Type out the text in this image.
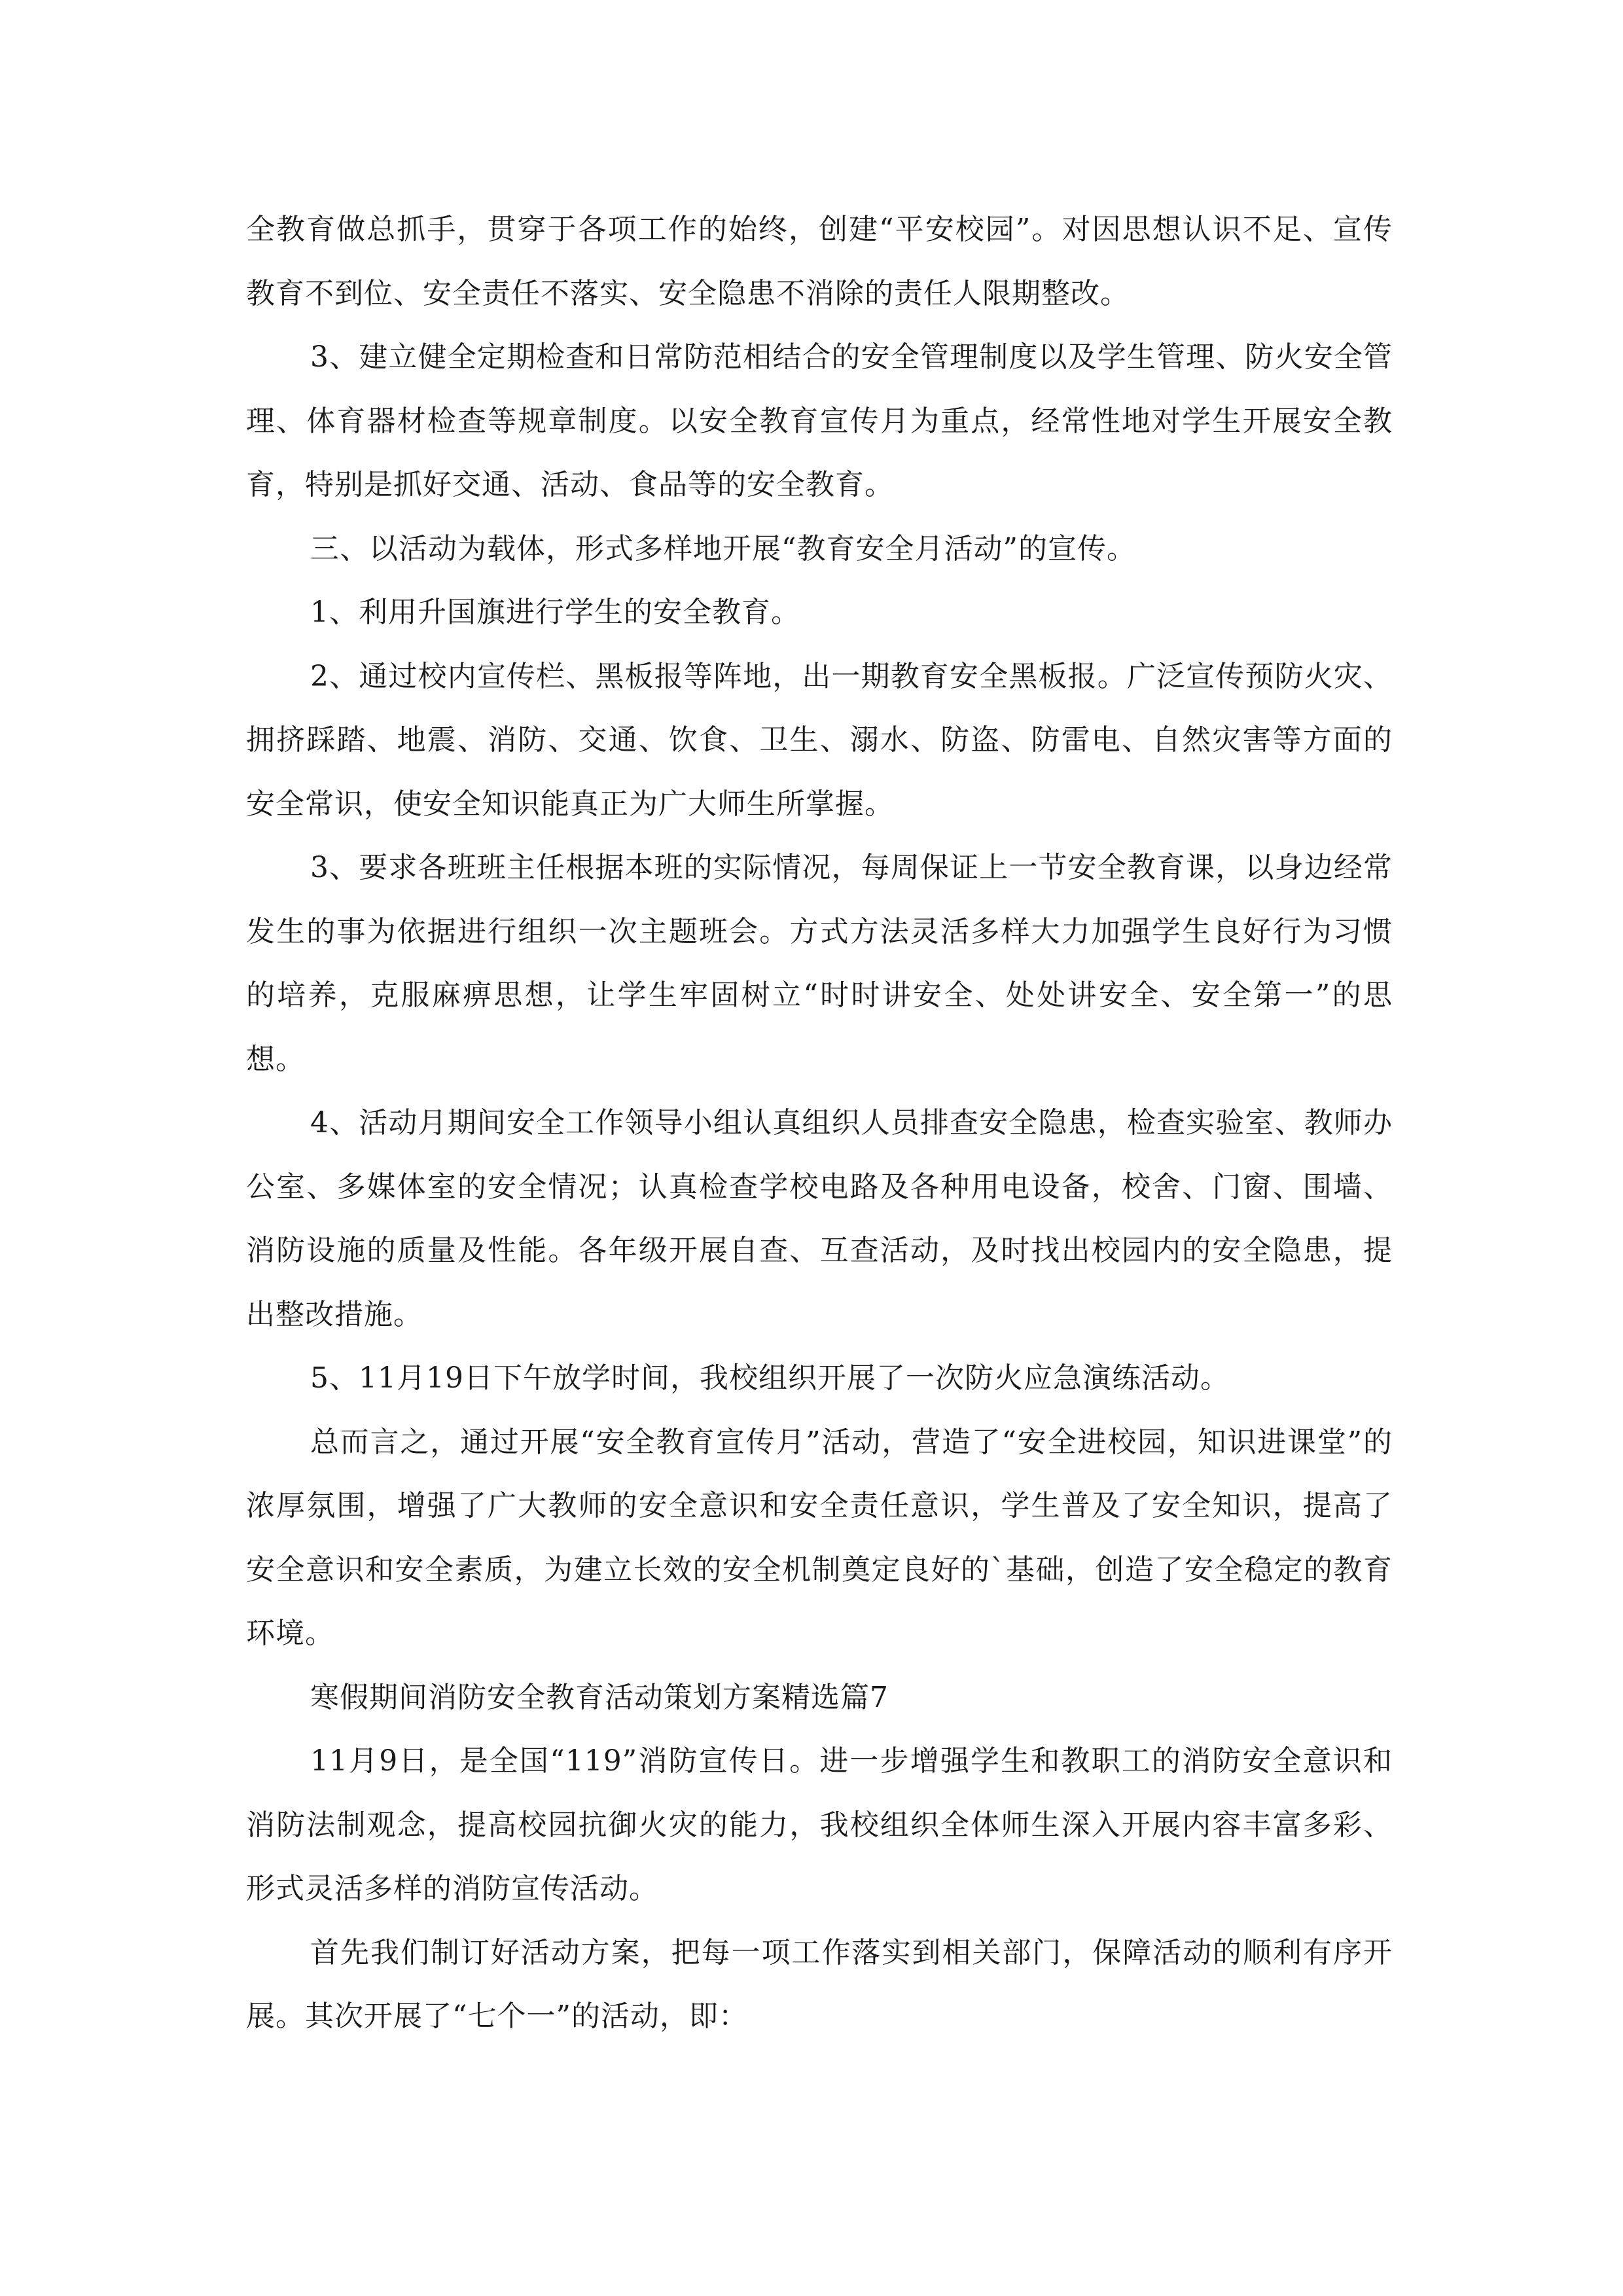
全教育做总抓手，贯穿于各项工作的始终，创建“平安校园”。对因思想认识不足、宣传教育不到位、安全责任不落实、安全隐患不消除的责任人限期整改。

3、建立健全定期检查和日常防范相结合的安全管理制度以及学生管理、防火安全管理、体育器材检查等规章制度。以安全教育宣传月为重点，经常性地对学生开展安全教育，特别是抓好交通、活动、食品等的安全教育。

三、以活动为载体，形式多样地开展“教育安全月活动”的宣传。

1、利用升国旗进行学生的安全教育。

2、通过校内宣传栏、黑板报等阵地，出一期教育安全黑板报。广泛宣传预防火灾、拥挤踩踏、地震、消防、交通、饮食、卫生、溺水、防盗、防雷电、自然灾害等方面的安全常识，使安全知识能真正为广大师生所掌握。

3、要求各班班主任根据本班的实际情况，每周保证上一节安全教育课，以身边经常发生的事为依据进行组织一次主题班会。方式方法灵活多样大力加强学生良好行为习惯的培养，克服麻痹思想，让学生牢固树立“时时讲安全、处处讲安全、安全第一”的思想。

4、活动月期间安全工作领导小组认真组织人员排查安全隐患，检查实验室、教师办公室、多媒体室的安全情况；认真检查学校电路及各种用电设备，校舍、门窗、围墙、消防设施的质量及性能。各年级开展自查、互查活动，及时找出校园内的安全隐患，提出整改措施。

5、11月19日下午放学时间，我校组织开展了一次防火应急演练活动。

总而言之，通过开展“安全教育宣传月”活动，营造了“安全进校园，知识进课堂”的浓厚氛围，增强了广大教师的安全意识和安全责任意识，学生普及了安全知识，提高了安全意识和安全素质，为建立长效的安全机制奠定良好的`基础，创造了安全稳定的教育环境。

寒假期间消防安全教育活动策划方案精选篇7

11月9日，是全国“119”消防宣传日。进一步增强学生和教职工的消防安全意识和消防法制观念，提高校园抗御火灾的能力，我校组织全体师生深入开展内容丰富多彩、形式灵活多样的消防宣传活动。

首先我们制订好活动方案，把每一项工作落实到相关部门，保障活动的顺利有序开展。其次开展了“七个一”的活动，即：
